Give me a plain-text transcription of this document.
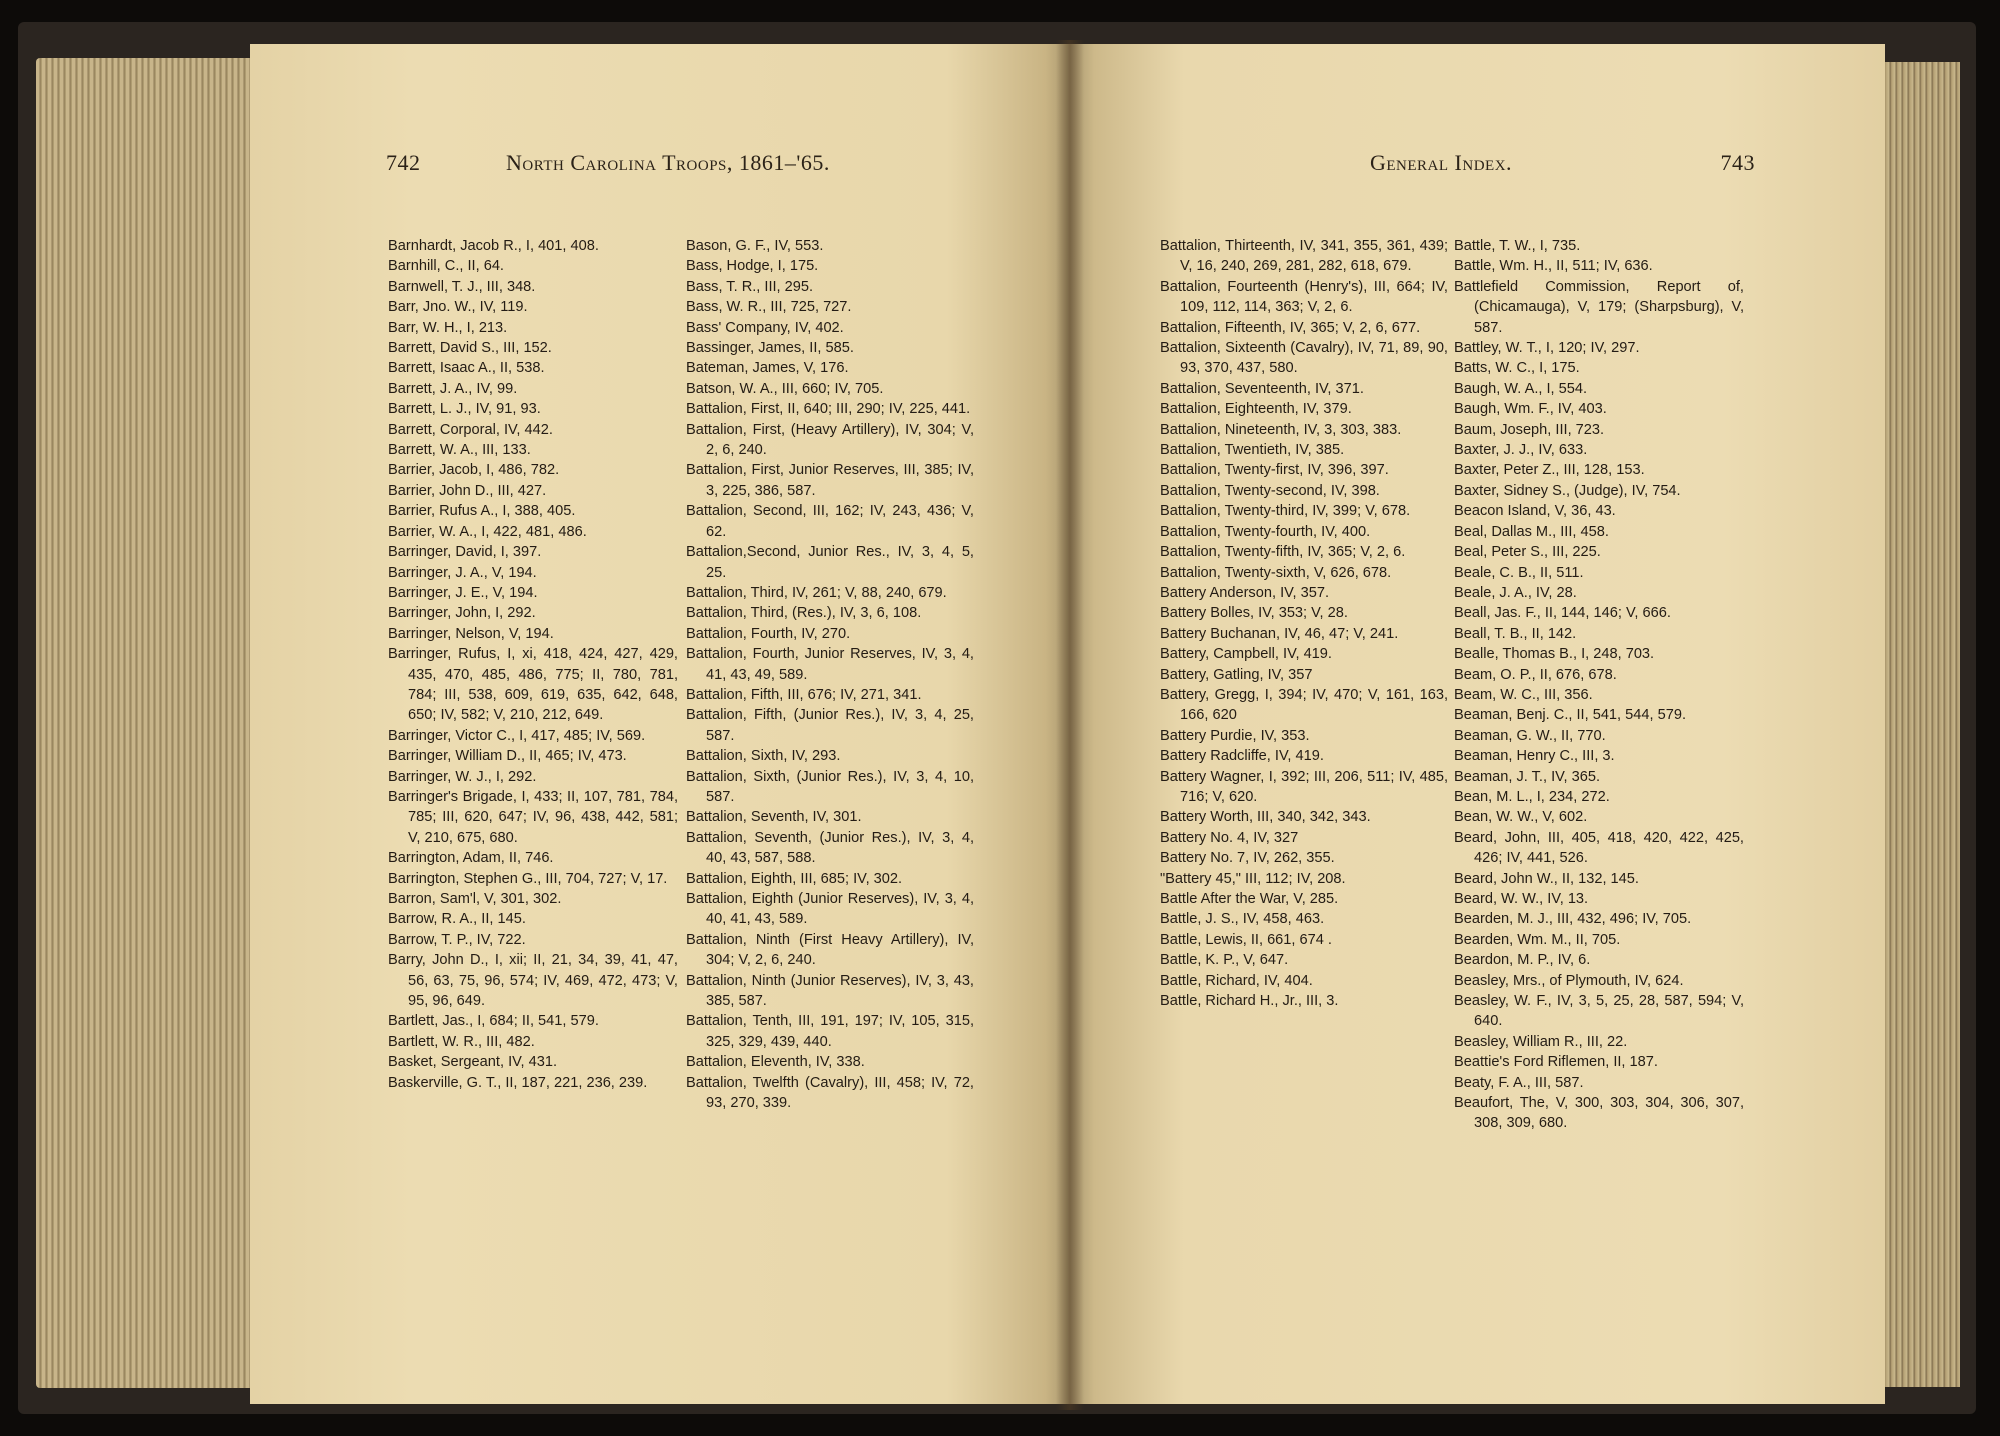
742	North Carolina Troops, 1861–'65.	General Index.	743
Barnhardt, Jacob R., I, 401, 408.
Barnhill, C., II, 64.
Barnwell, T. J., III, 348.
Barr, Jno. W., IV, 119.
Barr, W. H., I, 213.
Barrett, David S., III, 152.
Barrett, Isaac A., II, 538.
Barrett, J. A., IV, 99.
Barrett, L. J., IV, 91, 93.
Barrett, Corporal, IV, 442.
Barrett, W. A., III, 133.
Barrier, Jacob, I, 486, 782.
Barrier, John D., III, 427.
Barrier, Rufus A., I, 388, 405.
Barrier, W. A., I, 422, 481, 486.
Barringer, David, I, 397.
Barringer, J. A., V, 194.
Barringer, J. E., V, 194.
Barringer, John, I, 292.
Barringer, Nelson, V, 194.
Barringer, Rufus, I, xi, 418, 424, 427, 429, 435, 470, 485, 486, 775; II, 780, 781, 784; III, 538, 609, 619, 635, 642, 648, 650; IV, 582; V, 210, 212, 649.
Barringer, Victor C., I, 417, 485; IV, 569.
Barringer, William D., II, 465; IV, 473.
Barringer, W. J., I, 292.
Barringer's Brigade, I, 433; II, 107, 781, 784, 785; III, 620, 647; IV, 96, 438, 442, 581; V, 210, 675, 680.
Barrington, Adam, II, 746.
Barrington, Stephen G., III, 704, 727; V, 17.
Barron, Sam'l, V, 301, 302.
Barrow, R. A., II, 145.
Barrow, T. P., IV, 722.
Barry, John D., I, xii; II, 21, 34, 39, 41, 47, 56, 63, 75, 96, 574; IV, 469, 472, 473; V, 95, 96, 649.
Bartlett, Jas., I, 684; II, 541, 579.
Bartlett, W. R., III, 482.
Basket, Sergeant, IV, 431.
Baskerville, G. T., II, 187, 221, 236, 239.
Bason, G. F., IV, 553.
Bass, Hodge, I, 175.
Bass, T. R., III, 295.
Bass, W. R., III, 725, 727.
Bass' Company, IV, 402.
Bassinger, James, II, 585.
Bateman, James, V, 176.
Batson, W. A., III, 660; IV, 705.
Battalion, First, II, 640; III, 290; IV, 225, 441.
Battalion, First, (Heavy Artillery), IV, 304; V, 2, 6, 240.
Battalion, First, Junior Reserves, III, 385; IV, 3, 225, 386, 587.
Battalion, Second, III, 162; IV, 243, 436; V, 62.
Battalion,Second, Junior Res., IV, 3, 4, 5, 25.
Battalion, Third, IV, 261; V, 88, 240, 679.
Battalion, Third, (Res.), IV, 3, 6, 108.
Battalion, Fourth, IV, 270.
Battalion, Fourth, Junior Reserves, IV, 3, 4, 41, 43, 49, 589.
Battalion, Fifth, III, 676; IV, 271, 341.
Battalion, Fifth, (Junior Res.), IV, 3, 4, 25, 587.
Battalion, Sixth, IV, 293.
Battalion, Sixth, (Junior Res.), IV, 3, 4, 10, 587.
Battalion, Seventh, IV, 301.
Battalion, Seventh, (Junior Res.), IV, 3, 4, 40, 43, 587, 588.
Battalion, Eighth, III, 685; IV, 302.
Battalion, Eighth (Junior Reserves), IV, 3, 4, 40, 41, 43, 589.
Battalion, Ninth (First Heavy Artillery), IV, 304; V, 2, 6, 240.
Battalion, Ninth (Junior Reserves), IV, 3, 43, 385, 587.
Battalion, Tenth, III, 191, 197; IV, 105, 315, 325, 329, 439, 440.
Battalion, Eleventh, IV, 338.
Battalion, Twelfth (Cavalry), III, 458; IV, 72, 93, 270, 339.
Battalion, Thirteenth, IV, 341, 355, 361, 439; V, 16, 240, 269, 281, 282, 618, 679.
Battalion, Fourteenth (Henry's), III, 664; IV, 109, 112, 114, 363; V, 2, 6.
Battalion, Fifteenth, IV, 365; V, 2, 6, 677.
Battalion, Sixteenth (Cavalry), IV, 71, 89, 90, 93, 370, 437, 580.
Battalion, Seventeenth, IV, 371.
Battalion, Eighteenth, IV, 379.
Battalion, Nineteenth, IV, 3, 303, 383.
Battalion, Twentieth, IV, 385.
Battalion, Twenty-first, IV, 396, 397.
Battalion, Twenty-second, IV, 398.
Battalion, Twenty-third, IV, 399; V, 678.
Battalion, Twenty-fourth, IV, 400.
Battalion, Twenty-fifth, IV, 365; V, 2, 6.
Battalion, Twenty-sixth, V, 626, 678.
Battery Anderson, IV, 357.
Battery Bolles, IV, 353; V, 28.
Battery Buchanan, IV, 46, 47; V, 241.
Battery, Campbell, IV, 419.
Battery, Gatling, IV, 357
Battery, Gregg, I, 394; IV, 470; V, 161, 163, 166, 620
Battery Purdie, IV, 353.
Battery Radcliffe, IV, 419.
Battery Wagner, I, 392; III, 206, 511; IV, 485, 716; V, 620.
Battery Worth, III, 340, 342, 343.
Battery No. 4, IV, 327
Battery No. 7, IV, 262, 355.
"Battery 45," III, 112; IV, 208.
Battle After the War, V, 285.
Battle, J. S., IV, 458, 463.
Battle, Lewis, II, 661, 674 .
Battle, K. P., V, 647.
Battle, Richard, IV, 404.
Battle, Richard H., Jr., III, 3.
Battle, T. W., I, 735.
Battle, Wm. H., II, 511; IV, 636.
Battlefield Commission, Report of, (Chicamauga), V, 179; (Sharpsburg), V, 587.
Battley, W. T., I, 120; IV, 297.
Batts, W. C., I, 175.
Baugh, W. A., I, 554.
Baugh, Wm. F., IV, 403.
Baum, Joseph, III, 723.
Baxter, J. J., IV, 633.
Baxter, Peter Z., III, 128, 153.
Baxter, Sidney S., (Judge), IV, 754.
Beacon Island, V, 36, 43.
Beal, Dallas M., III, 458.
Beal, Peter S., III, 225.
Beale, C. B., II, 511.
Beale, J. A., IV, 28.
Beall, Jas. F., II, 144, 146; V, 666.
Beall, T. B., II, 142.
Bealle, Thomas B., I, 248, 703.
Beam, O. P., II, 676, 678.
Beam, W. C., III, 356.
Beaman, Benj. C., II, 541, 544, 579.
Beaman, G. W., II, 770.
Beaman, Henry C., III, 3.
Beaman, J. T., IV, 365.
Bean, M. L., I, 234, 272.
Bean, W. W., V, 602.
Beard, John, III, 405, 418, 420, 422, 425, 426; IV, 441, 526.
Beard, John W., II, 132, 145.
Beard, W. W., IV, 13.
Bearden, M. J., III, 432, 496; IV, 705.
Bearden, Wm. M., II, 705.
Beardon, M. P., IV, 6.
Beasley, Mrs., of Plymouth, IV, 624.
Beasley, W. F., IV, 3, 5, 25, 28, 587, 594; V, 640.
Beasley, William R., III, 22.
Beattie's Ford Riflemen, II, 187.
Beaty, F. A., III, 587.
Beaufort, The, V, 300, 303, 304, 306, 307, 308, 309, 680.
